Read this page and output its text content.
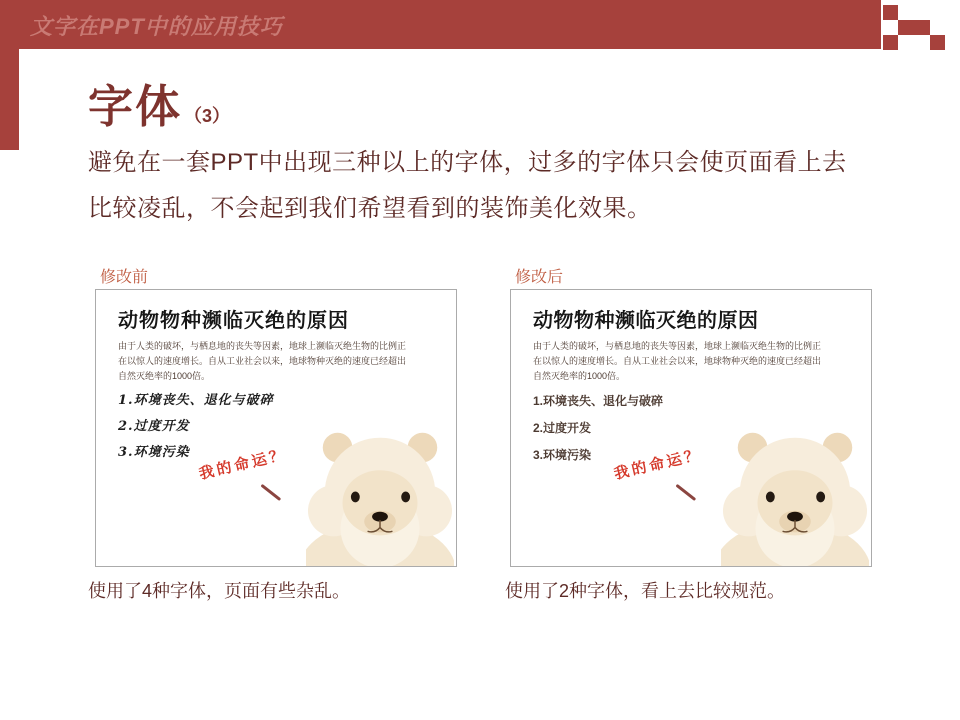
文字在PPT中的应用技巧
字体 （3）
避免在一套PPT中出现三种以上的字体，过多的字体只会使页面看上去比较凌乱，不会起到我们希望看到的装饰美化效果。
修改前
动物物种濒临灭绝的原因
由于人类的破坏，与栖息地的丧失等因素，地球上濒临灭绝生物的比例正在以惊人的速度增长。自从工业社会以来，地球物种灭绝的速度已经超出自然灭绝率的1000倍。
1.环境丧失、退化与破碎
2.过度开发
3.环境污染 我的命运？
使用了4种字体，页面有些杂乱。
修改后
动物物种濒临灭绝的原因
由于人类的破坏，与栖息地的丧失等因素，地球上濒临灭绝生物的比例正在以惊人的速度增长。自从工业社会以来，地球物种灭绝的速度已经超出自然灭绝率的1000倍。
1.环境丧失、退化与破碎
2.过度开发
3.环境污染	我的命运？
使用了2种字体，看上去比较规范。
